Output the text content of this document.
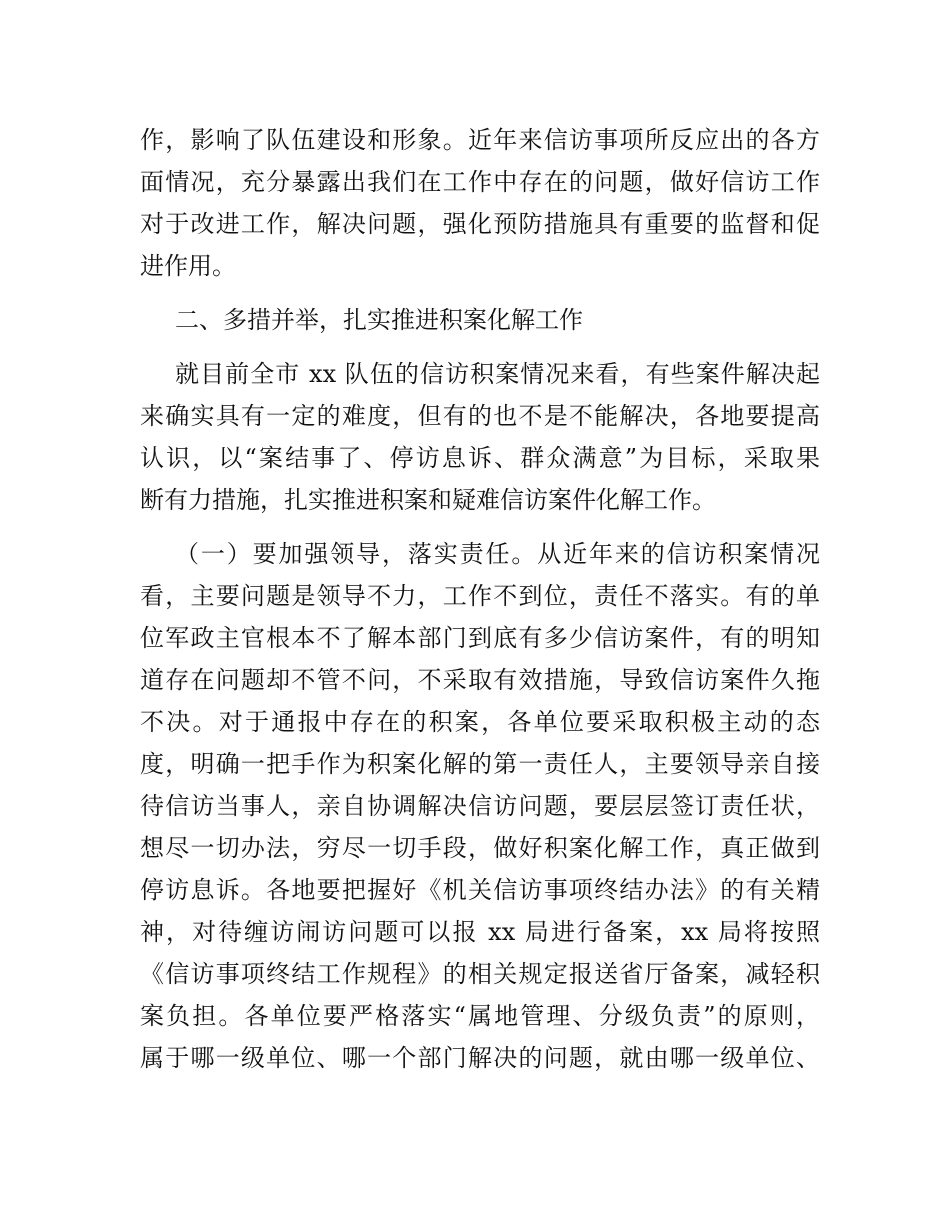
作，影响了队伍建设和形象。近年来信访事项所反应出的各方
面情况，充分暴露出我们在工作中存在的问题，做好信访工作
对于改进工作，解决问题，强化预防措施具有重要的监督和促
进作用。
二、多措并举，扎实推进积案化解工作
就目前全市 xx 队伍的信访积案情况来看，有些案件解决起
来确实具有一定的难度，但有的也不是不能解决，各地要提高
认识，以“案结事了、停访息诉、群众满意”为目标，采取果
断有力措施，扎实推进积案和疑难信访案件化解工作。
（一）要加强领导，落实责任。从近年来的信访积案情况
看，主要问题是领导不力，工作不到位，责任不落实。有的单
位军政主官根本不了解本部门到底有多少信访案件，有的明知
道存在问题却不管不问，不采取有效措施，导致信访案件久拖
不决。对于通报中存在的积案，各单位要采取积极主动的态
度，明确一把手作为积案化解的第一责任人，主要领导亲自接
待信访当事人，亲自协调解决信访问题，要层层签订责任状，
想尽一切办法，穷尽一切手段，做好积案化解工作，真正做到
停访息诉。各地要把握好《机关信访事项终结办法》的有关精
神，对待缠访闹访问题可以报 xx 局进行备案，xx 局将按照
《信访事项终结工作规程》的相关规定报送省厅备案，减轻积
案负担。各单位要严格落实“属地管理、分级负责”的原则，
属于哪一级单位、哪一个部门解决的问题，就由哪一级单位、
